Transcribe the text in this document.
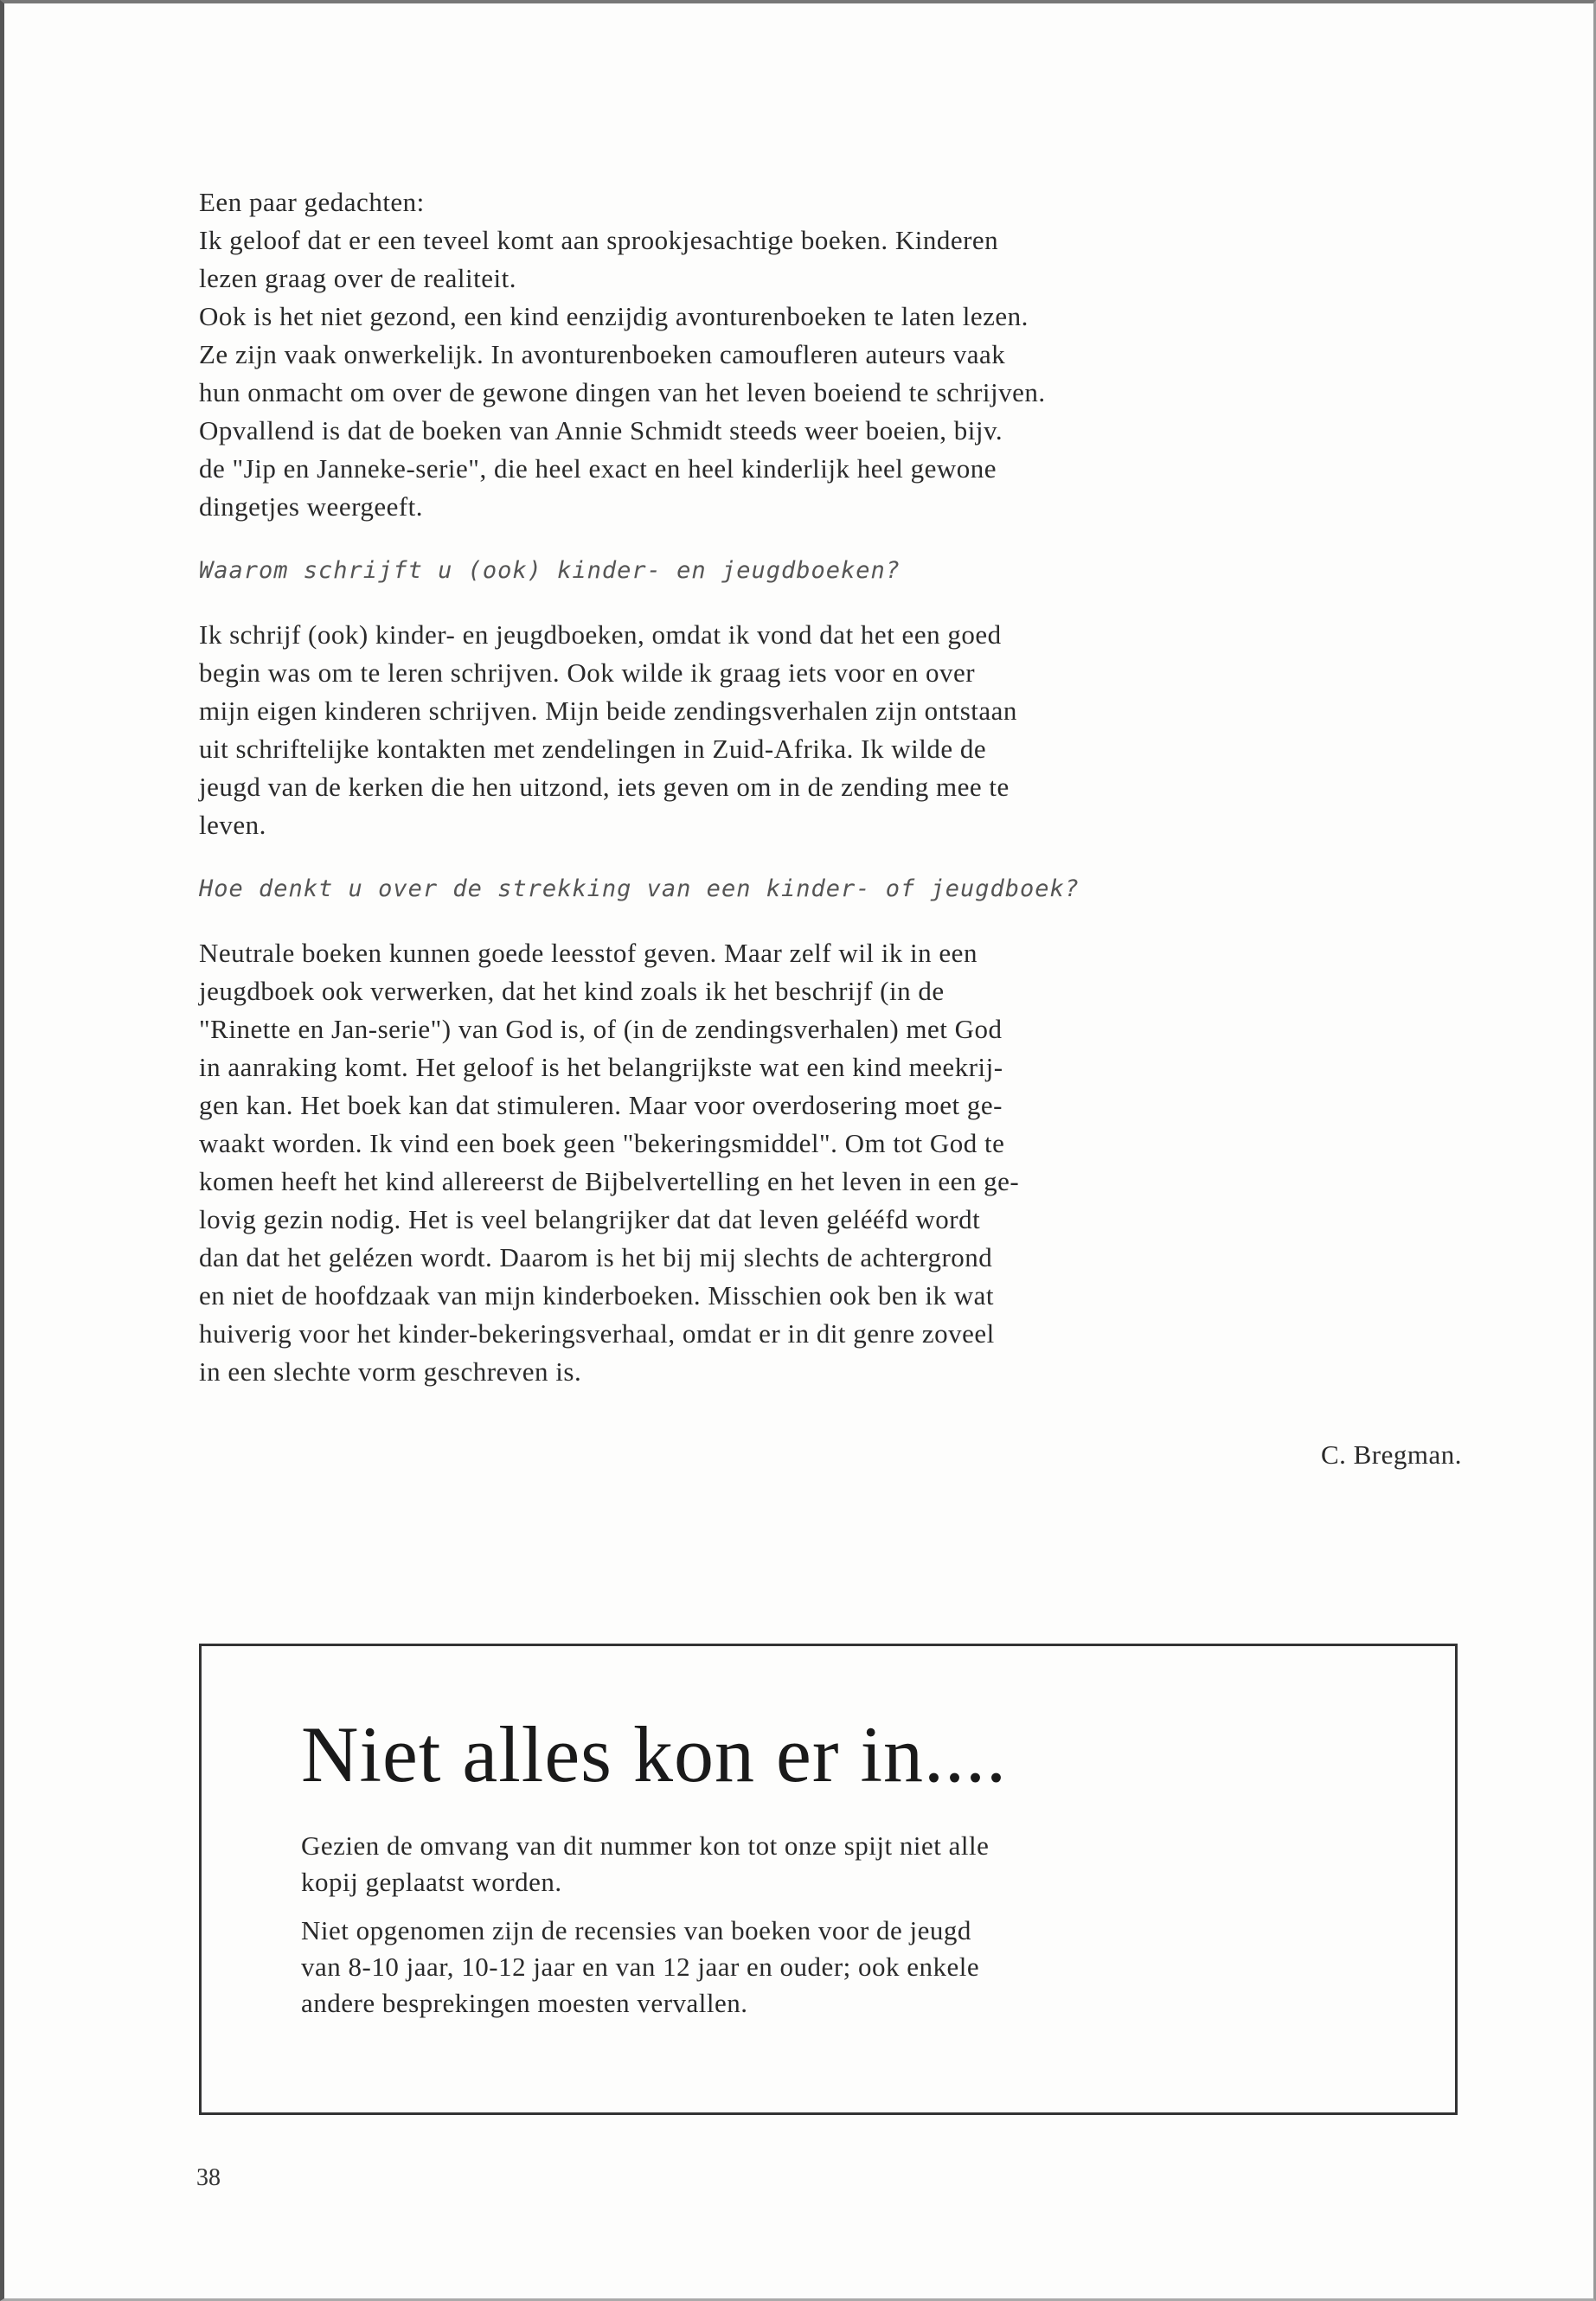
Een paar gedachten:
Ik geloof dat er een teveel komt aan sprookjesachtige boeken. Kinderen
lezen graag over de realiteit.
Ook is het niet gezond, een kind eenzijdig avonturenboeken te laten lezen.
Ze zijn vaak onwerkelijk. In avonturenboeken camoufleren auteurs vaak
hun onmacht om over de gewone dingen van het leven boeiend te schrijven.
Opvallend is dat de boeken van Annie Schmidt steeds weer boeien, bijv.
de "Jip en Janneke-serie", die heel exact en heel kinderlijk heel gewone
dingetjes weergeeft.

Waarom schrijft u (ook) kinder- en jeugdboeken?

Ik schrijf (ook) kinder- en jeugdboeken, omdat ik vond dat het een goed
begin was om te leren schrijven. Ook wilde ik graag iets voor en over
mijn eigen kinderen schrijven. Mijn beide zendingsverhalen zijn ontstaan
uit schriftelijke kontakten met zendelingen in Zuid-Afrika. Ik wilde de
jeugd van de kerken die hen uitzond, iets geven om in de zending mee te
leven.

Hoe denkt u over de strekking van een kinder- of jeugdboek?

Neutrale boeken kunnen goede leesstof geven. Maar zelf wil ik in een
jeugdboek ook verwerken, dat het kind zoals ik het beschrijf (in de
"Rinette en Jan-serie") van God is, of (in de zendingsverhalen) met God
in aanraking komt. Het geloof is het belangrijkste wat een kind meekrij-
gen kan. Het boek kan dat stimuleren. Maar voor overdosering moet ge-
waakt worden. Ik vind een boek geen "bekeringsmiddel". Om tot God te
komen heeft het kind allereerst de Bijbelvertelling en het leven in een ge-
lovig gezin nodig. Het is veel belangrijker dat dat leven gelééfd wordt
dan dat het gelézen wordt. Daarom is het bij mij slechts de achtergrond
en niet de hoofdzaak van mijn kinderboeken. Misschien ook ben ik wat
huiverig voor het kinder-bekeringsverhaal, omdat er in dit genre zoveel
in een slechte vorm geschreven is.

C. Bregman.
Niet alles kon er in....

Gezien de omvang van dit nummer kon tot onze spijt niet alle
kopij geplaatst worden.

Niet opgenomen zijn de recensies van boeken voor de jeugd
van 8-10 jaar, 10-12 jaar en van 12 jaar en ouder; ook enkele
andere besprekingen moesten vervallen.

38
